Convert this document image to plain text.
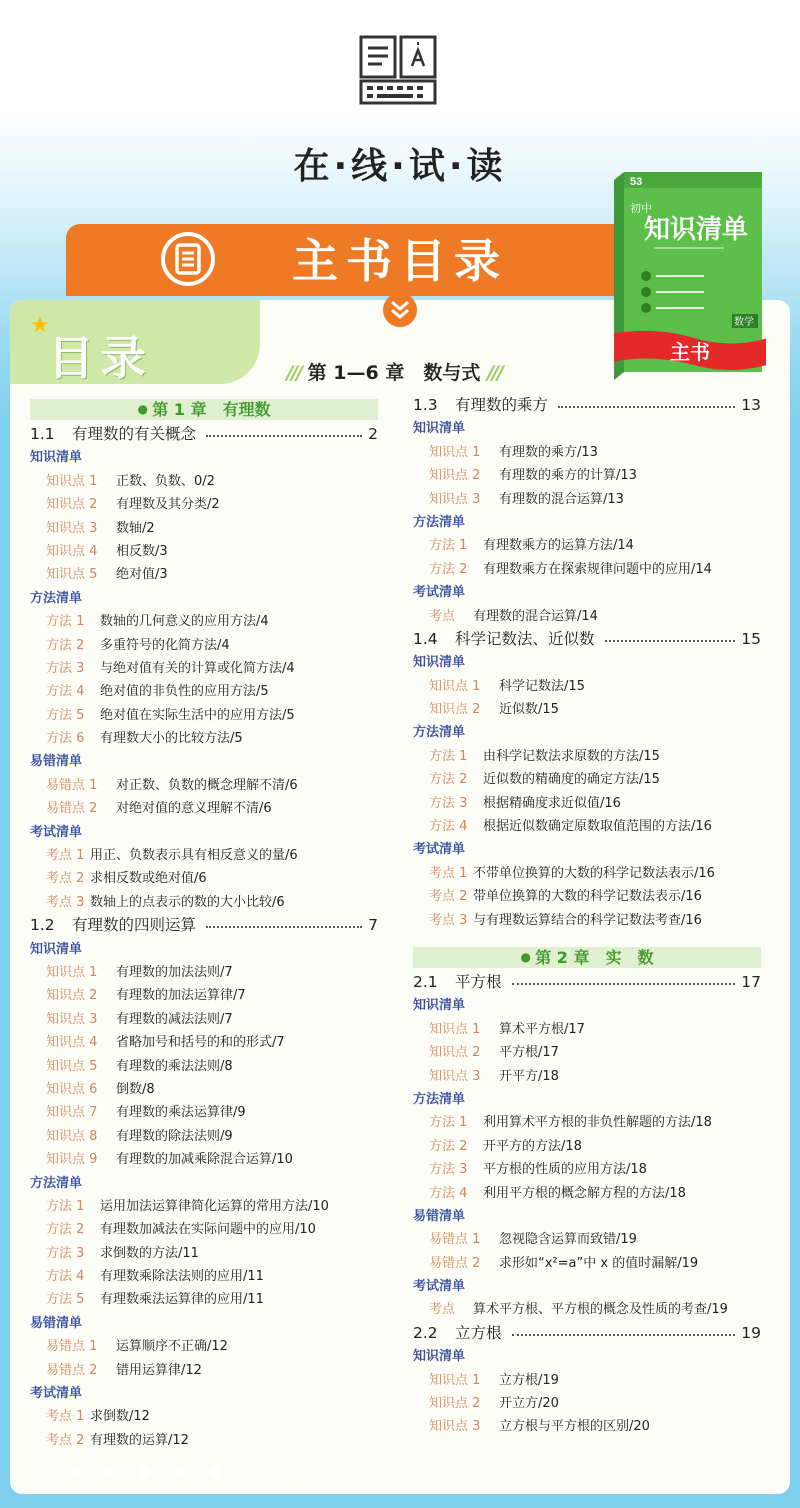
在·线·试·读
主书目录
★
目录	/// 第 1—6 章　数与式 ///
53
初中
知识清单
数学
主书
● 第 1 章　有理数
1.1	有理数的有关概念	2
知识清单
知识点 1 正数、负数、0/2
知识点 2 有理数及其分类/2
知识点 3 数轴/2
知识点 4 相反数/3
知识点 5 绝对值/3
方法清单
方法 1 数轴的几何意义的应用方法/4
方法 2 多重符号的化简方法/4
方法 3 与绝对值有关的计算或化简方法/4
方法 4 绝对值的非负性的应用方法/5
方法 5 绝对值在实际生活中的应用方法/5
方法 6 有理数大小的比较方法/5
易错清单
易错点 1 对正数、负数的概念理解不清/6
易错点 2 对绝对值的意义理解不清/6
考试清单
考点 1 用正、负数表示具有相反意义的量/6
考点 2 求相反数或绝对值/6
考点 3 数轴上的点表示的数的大小比较/6
1.2	有理数的四则运算	7
知识清单
知识点 1 有理数的加法法则/7
知识点 2 有理数的加法运算律/7
知识点 3 有理数的减法法则/7
知识点 4 省略加号和括号的和的形式/7
知识点 5 有理数的乘法法则/8
知识点 6 倒数/8
知识点 7 有理数的乘法运算律/9
知识点 8 有理数的除法法则/9
知识点 9 有理数的加减乘除混合运算/10
方法清单
方法 1 运用加法运算律简化运算的常用方法/10
方法 2 有理数加减法在实际问题中的应用/10
方法 3 求倒数的方法/11
方法 4 有理数乘除法法则的应用/11
方法 5 有理数乘法运算律的应用/11
易错清单
易错点 1 运算顺序不正确/12
易错点 2 错用运算律/12
考试清单
考点 1 求倒数/12
考点 2 有理数的运算/12
1.3	有理数的乘方	13
知识清单
知识点 1 有理数的乘方/13
知识点 2 有理数的乘方的计算/13
知识点 3 有理数的混合运算/13
方法清单
方法 1 有理数乘方的运算方法/14
方法 2 有理数乘方在探索规律问题中的应用/14
考试清单
考点 有理数的混合运算/14
1.4	科学记数法、近似数	15
知识清单
知识点 1 科学记数法/15
知识点 2 近似数/15
方法清单
方法 1 由科学记数法求原数的方法/15
方法 2 近似数的精确度的确定方法/15
方法 3 根据精确度求近似值/16
方法 4 根据近似数确定原数取值范围的方法/16
考试清单
考点 1 不带单位换算的大数的科学记数法表示/16
考点 2 带单位换算的大数的科学记数法表示/16
考点 3 与有理数运算结合的科学记数法考查/16
● 第 2 章　实　数
2.1	平方根	17
知识清单
知识点 1 算术平方根/17
知识点 2 平方根/17
知识点 3 开平方/18
方法清单
方法 1 利用算术平方根的非负性解题的方法/18
方法 2 开平方的方法/18
方法 3 平方根的性质的应用方法/18
方法 4 利用平方根的概念解方程的方法/18
易错清单
易错点 1 忽视隐含运算而致错/19
易错点 2 求形如“x²=a”中 x 的值时漏解/19
考试清单
考点 算术平方根、平方根的概念及性质的考查/19
2.2	立方根	19
知识清单
知识点 1 立方根/19
知识点 2 开立方/20
知识点 3 立方根与平方根的区别/20
〰〰
